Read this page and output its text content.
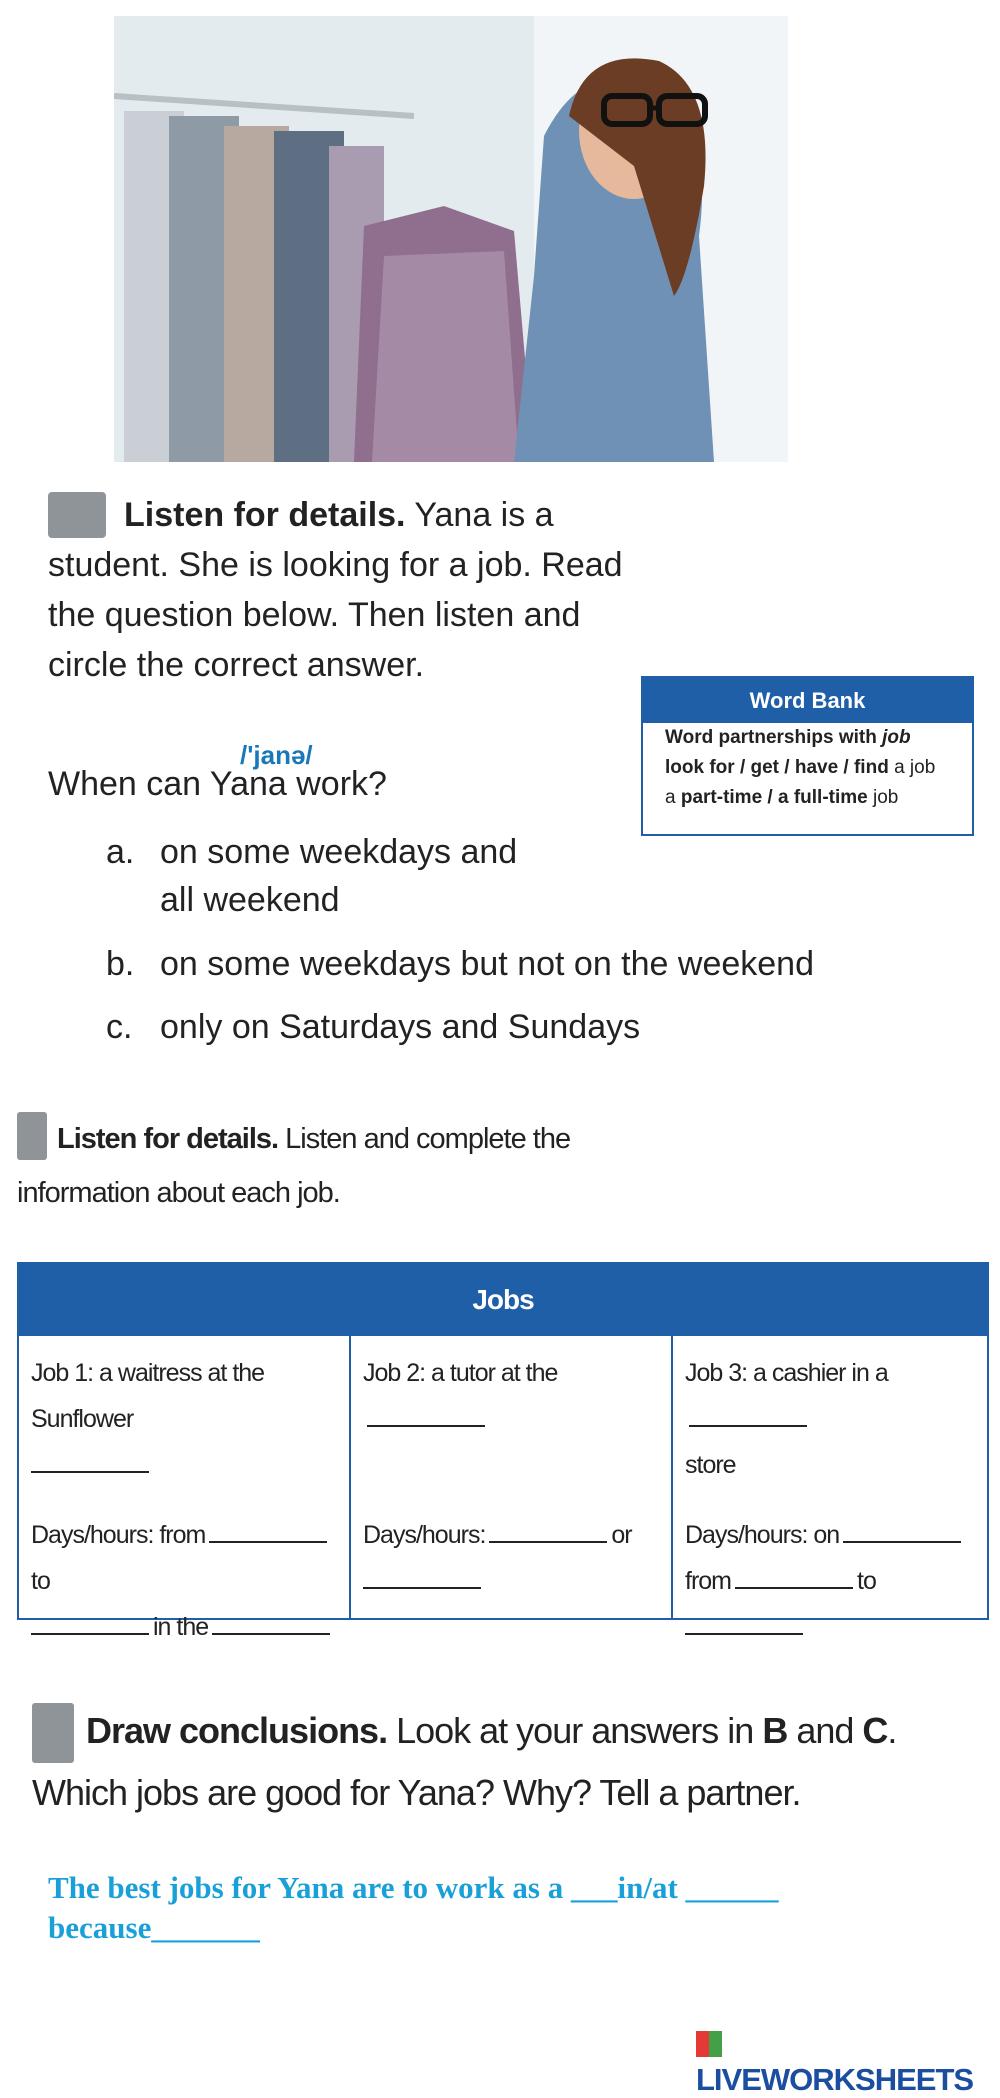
Listen for details. Yana is a student. She is looking for a job. Read the question below. Then listen and circle the correct answer.
/'janə/
When can Yana work?
a. on some weekdays and
all weekend
b. on some weekdays but not on the weekend
c. only on Saturdays and Sundays
Word Bank
Word partnerships with job
look for / get / have / find a job
a part-time / a full-time job
Listen for details. Listen and complete the information about each job.
Jobs
Job 1: a waitress at the Sunflower

Days/hours: fromto
in the
Job 2: a tutor at the

Days/hours:	or

Job 3: a cashier in a
store
Days/hours: on
from	to

Draw conclusions. Look at your answers in B and C.
Which jobs are good for Yana? Why? Tell a partner.
The best jobs for Yana are to work as a ___in/at ______
because_______
LIVEWORKSHEETS
